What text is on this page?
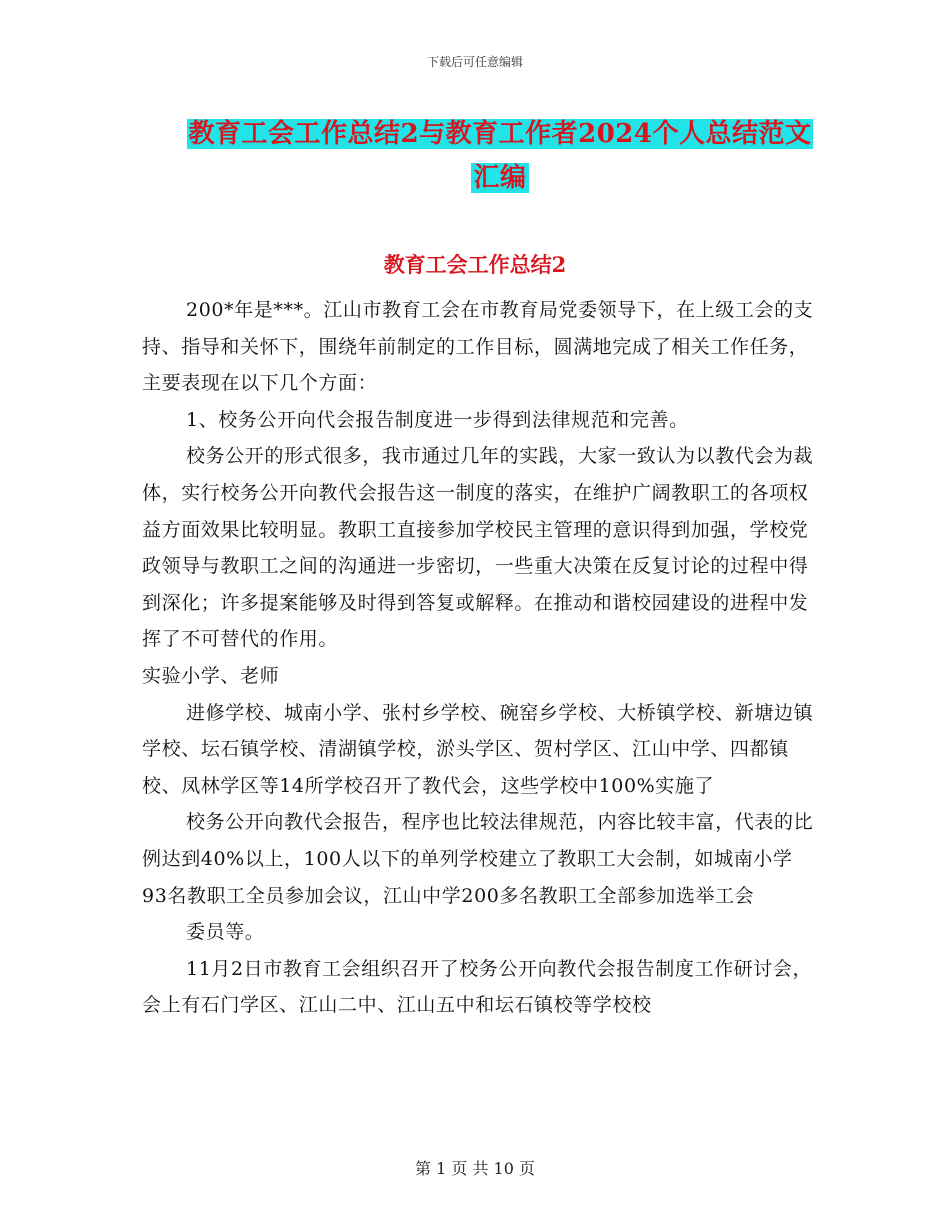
下载后可任意编辑
教育工会工作总结2与教育工作者2024个人总结范文
汇编
教育工会工作总结2

200*年是***。江山市教育工会在市教育局党委领导下，在上级工会的支持、指导和关怀下，围绕年前制定的工作目标，圆满地完成了相关工作任务，主要表现在以下几个方面：

1、校务公开向代会报告制度进一步得到法律规范和完善。

校务公开的形式很多，我市通过几年的实践，大家一致认为以教代会为裁体，实行校务公开向教代会报告这一制度的落实，在维护广阔教职工的各项权益方面效果比较明显。教职工直接参加学校民主管理的意识得到加强，学校党政领导与教职工之间的沟通进一步密切，一些重大决策在反复讨论的过程中得到深化；许多提案能够及时得到答复或解释。在推动和谐校园建设的进程中发挥了不可替代的作用。

实验小学、老师

进修学校、城南小学、张村乡学校、碗窑乡学校、大桥镇学校、新塘边镇学校、坛石镇学校、清湖镇学校，淤头学区、贺村学区、江山中学、四都镇校、凤林学区等14所学校召开了教代会，这些学校中100%实施了

校务公开向教代会报告，程序也比较法律规范，内容比较丰富，代表的比例达到40%以上，100人以下的单列学校建立了教职工大会制，如城南小学93名教职工全员参加会议，江山中学200多名教职工全部参加选举工会

委员等。

11月2日市教育工会组织召开了校务公开向教代会报告制度工作研讨会，会上有石门学区、江山二中、江山五中和坛石镇校等学校校

第 1 页 共 10 页
